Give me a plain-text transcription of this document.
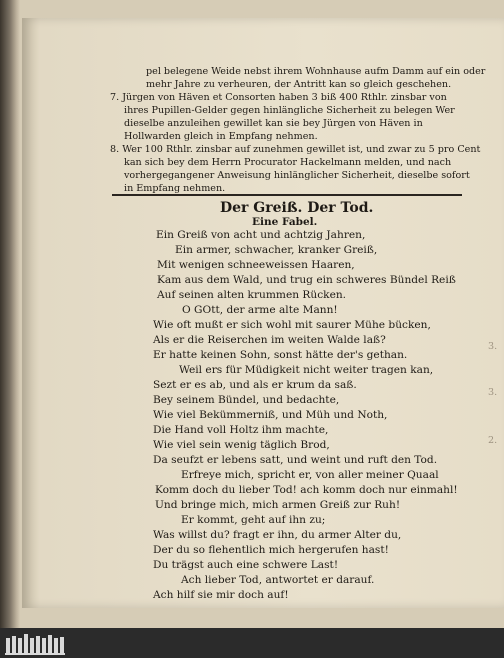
pel belegene Weide nebst ihrem Wohnhause aufm Damm auf ein oder
mehr Jahre zu verheuren, der Antritt kan so gleich geschehen.
7. Jürgen von Häven et Consorten haben 3 biß 400 Rthlr. zinsbar von
ihres Pupillen-Gelder gegen hinlängliche Sicherheit zu belegen Wer
dieselbe anzuleihen gewillet kan sie bey Jürgen von Häven in
Hollwarden gleich in Empfang nehmen.
8. Wer 100 Rthlr. zinsbar auf zunehmen gewillet ist, und zwar zu 5 pro Cent
kan sich bey dem Herrn Procurator Hackelmann melden, und nach
vorhergegangener Anweisung hinlänglicher Sicherheit, dieselbe sofort
in Empfang nehmen.
Der Greiß. Der Tod.
Eine Fabel.
Ein Greiß von acht und achtzig Jahren,
Ein armer, schwacher, kranker Greiß,
Mit wenigen schneeweissen Haaren,
Kam aus dem Wald, und trug ein schweres Bündel Reiß
Auf seinen alten krummen Rücken.
O GOtt, der arme alte Mann!
Wie oft mußt er sich wohl mit saurer Mühe bücken,
Als er die Reiserchen im weiten Walde laß?
Er hatte keinen Sohn, sonst hätte der's gethan.
Weil ers für Müdigkeit nicht weiter tragen kan,
Sezt er es ab, und als er krum da saß.
Bey seinem Bündel, und bedachte,
Wie viel Bekümmerniß, und Müh und Noth,
Die Hand voll Holtz ihm machte,
Wie viel sein wenig täglich Brod,
Da seufzt er lebens satt, und weint und ruft den Tod.
Erfreye mich, spricht er, von aller meiner Quaal
Komm doch du lieber Tod! ach komm doch nur einmahl!
Und bringe mich, mich armen Greiß zur Ruh!
Er kommt, geht auf ihn zu;
Was willst du? fragt er ihn, du armer Alter du,
Der du so flehentlich mich hergerufen hast!
Du trägst auch eine schwere Last!
Ach lieber Tod, antwortet er darauf.
Ach hilf sie mir doch auf!
3.
3.
2.
